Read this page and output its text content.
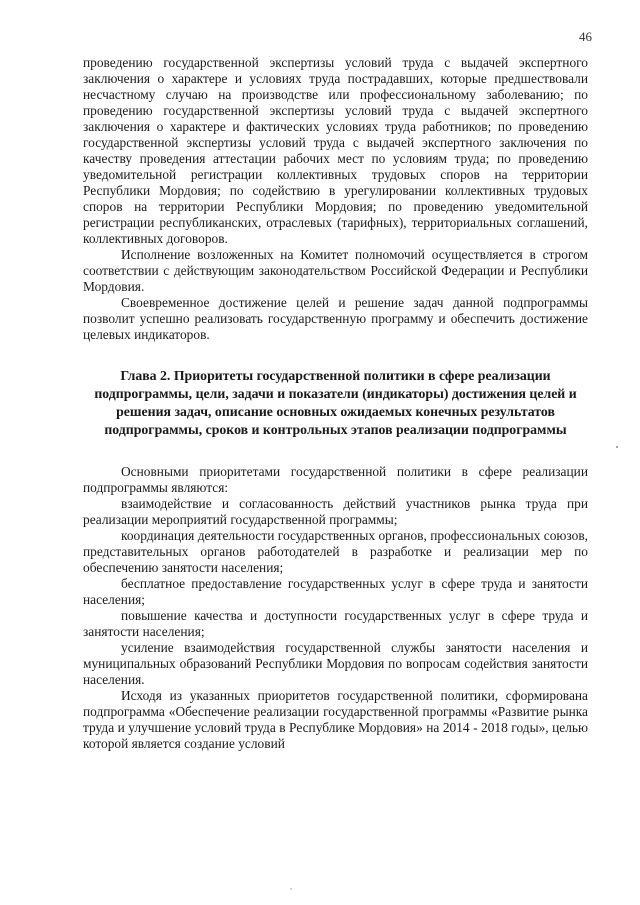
46

проведению государственной экспертизы условий труда с выдачей экспертного заключения о характере и условиях труда пострадавших, которые предшествовали несчастному случаю на производстве или профессиональному заболеванию; по проведению государственной экспертизы условий труда с выдачей экспертного заключения о характере и фактических условиях труда работников; по проведению государственной экспертизы условий труда с выдачей экспертного заключения по качеству проведения аттестации рабочих мест по условиям труда; по проведению уведомительной регистрации коллективных трудовых споров на территории Республики Мордовия; по содействию в урегулировании коллективных трудовых споров на территории Республики Мордовия; по проведению уведомительной регистрации республиканских, отраслевых (тарифных), территориальных соглашений, коллективных договоров.

Исполнение возложенных на Комитет полномочий осуществляется в строгом соответствии с действующим законодательством Российской Федерации и Республики Мордовия.

Своевременное достижение целей и решение задач данной подпрограммы позволит успешно реализовать государственную программу и обеспечить достижение целевых индикаторов.

Глава 2. Приоритеты государственной политики в сфере реализации подпрограммы, цели, задачи и показатели (индикаторы) достижения целей и решения задач, описание основных ожидаемых конечных результатов подпрограммы, сроков и контрольных этапов реализации подпрограммы

Основными приоритетами государственной политики в сфере реализации подпрограммы являются:

взаимодействие и согласованность действий участников рынка труда при реализации мероприятий государственной программы;

координация деятельности государственных органов, профессиональных союзов, представительных органов работодателей в разработке и реализации мер по обеспечению занятости населения;

бесплатное предоставление государственных услуг в сфере труда и занятости населения;

повышение качества и доступности государственных услуг в сфере труда и занятости населения;

усиление взаимодействия государственной службы занятости населения и муниципальных образований Республики Мордовия по вопросам содействия занятости населения.

Исходя из указанных приоритетов государственной политики, сформирована подпрограмма «Обеспечение реализации государственной программы «Развитие рынка труда и улучшение условий труда в Республике Мордовия» на 2014 - 2018 годы», целью которой является создание условий
